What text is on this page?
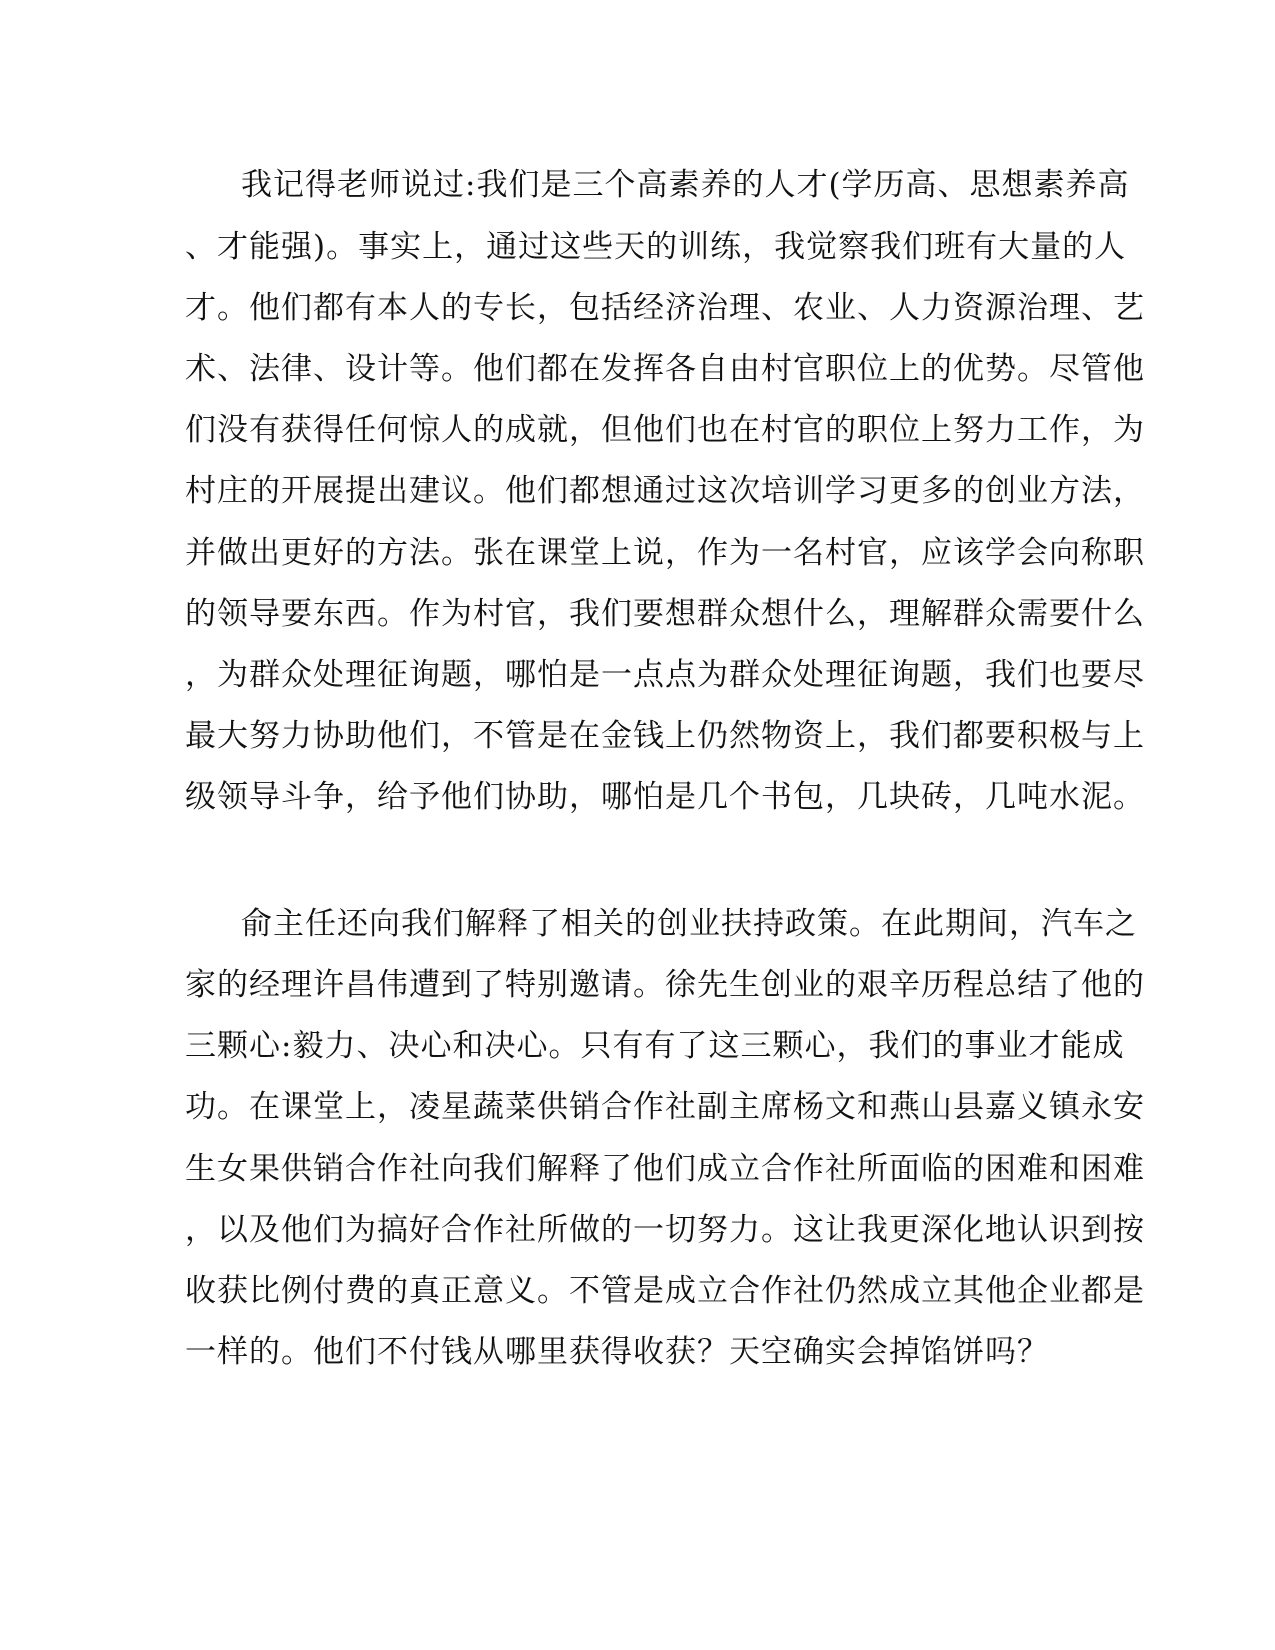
我记得老师说过:我们是三个高素养的人才(学历高、思想素养高
、才能强)。事实上，通过这些天的训练，我觉察我们班有大量的人
才。他们都有本人的专长，包括经济治理、农业、人力资源治理、艺
术、法律、设计等。他们都在发挥各自由村官职位上的优势。尽管他
们没有获得任何惊人的成就，但他们也在村官的职位上努力工作，为
村庄的开展提出建议。他们都想通过这次培训学习更多的创业方法，
并做出更好的方法。张在课堂上说，作为一名村官，应该学会向称职
的领导要东西。作为村官，我们要想群众想什么，理解群众需要什么
，为群众处理征询题，哪怕是一点点为群众处理征询题，我们也要尽
最大努力协助他们，不管是在金钱上仍然物资上，我们都要积极与上
级领导斗争，给予他们协助，哪怕是几个书包，几块砖，几吨水泥。
俞主任还向我们解释了相关的创业扶持政策。在此期间，汽车之
家的经理许昌伟遭到了特别邀请。徐先生创业的艰辛历程总结了他的
三颗心:毅力、决心和决心。只有有了这三颗心，我们的事业才能成
功。在课堂上，凌星蔬菜供销合作社副主席杨文和燕山县嘉义镇永安
生女果供销合作社向我们解释了他们成立合作社所面临的困难和困难
，以及他们为搞好合作社所做的一切努力。这让我更深化地认识到按
收获比例付费的真正意义。不管是成立合作社仍然成立其他企业都是
一样的。他们不付钱从哪里获得收获？天空确实会掉馅饼吗？
